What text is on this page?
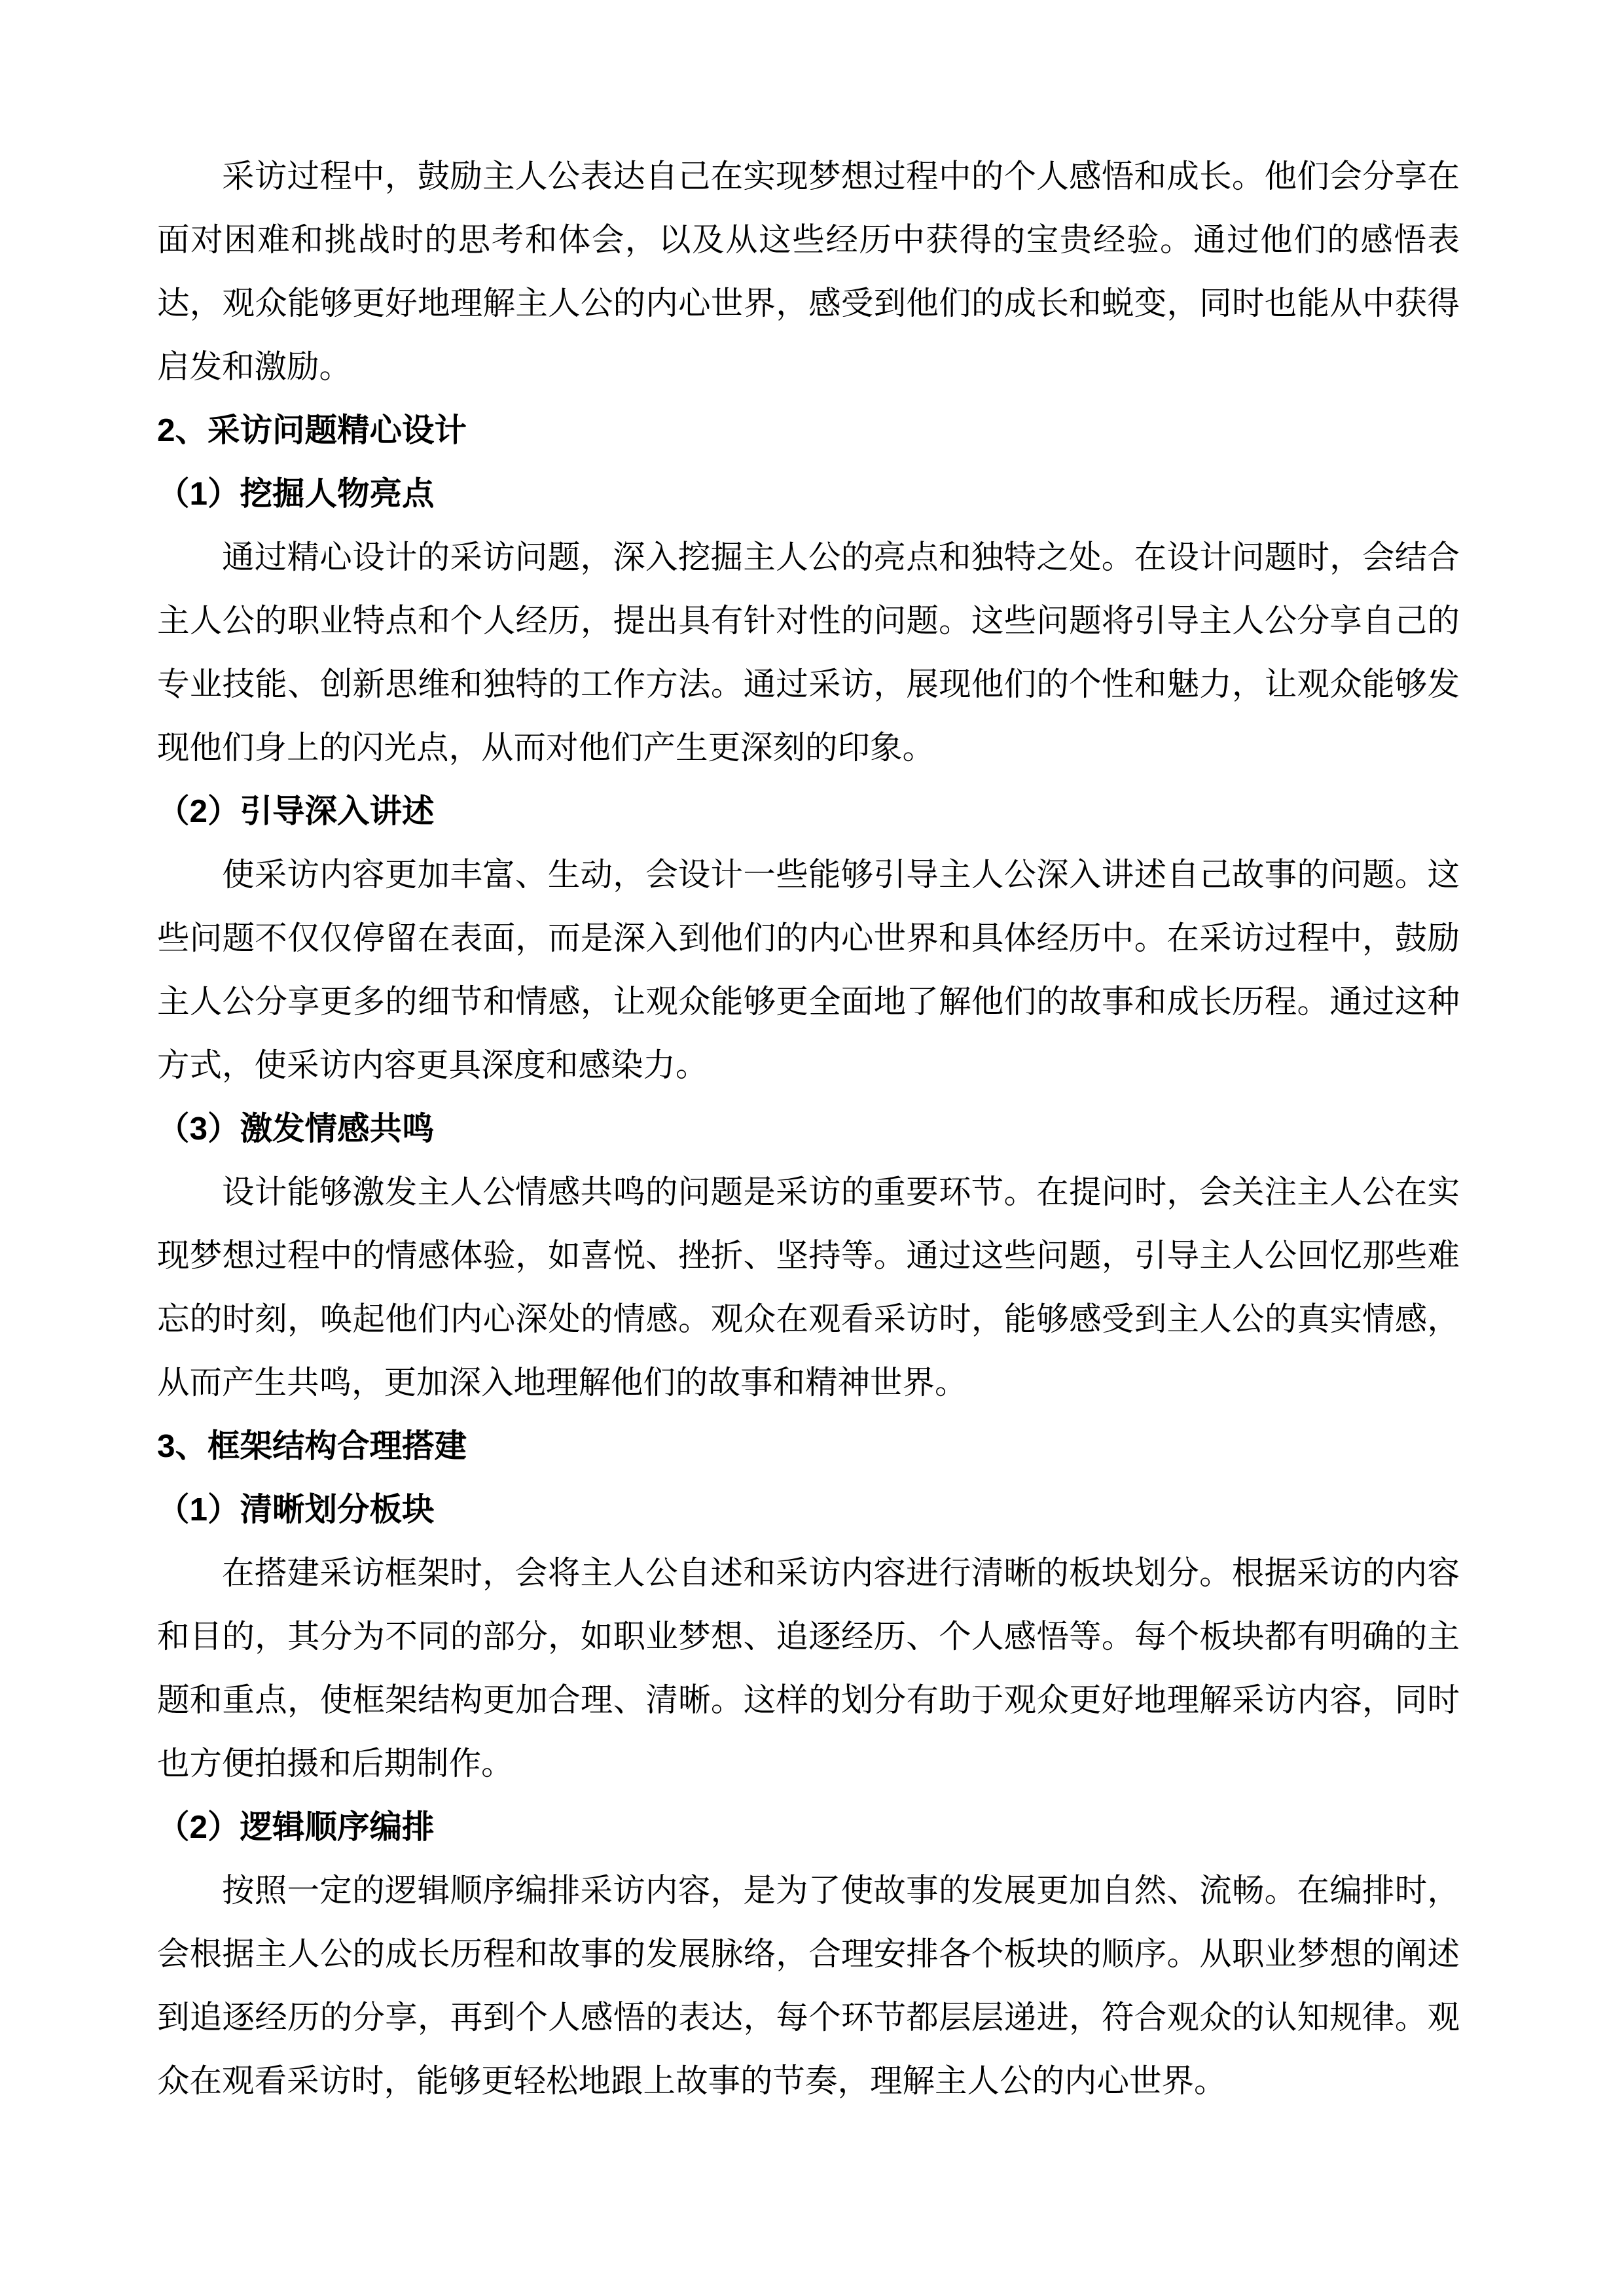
采访过程中，鼓励主人公表达自己在实现梦想过程中的个人感悟和成长。他们会分享在面对困难和挑战时的思考和体会，以及从这些经历中获得的宝贵经验。通过他们的感悟表达，观众能够更好地理解主人公的内心世界，感受到他们的成长和蜕变，同时也能从中获得启发和激励。

2、采访问题精心设计
（1）挖掘人物亮点

通过精心设计的采访问题，深入挖掘主人公的亮点和独特之处。在设计问题时，会结合主人公的职业特点和个人经历，提出具有针对性的问题。这些问题将引导主人公分享自己的专业技能、创新思维和独特的工作方法。通过采访，展现他们的个性和魅力，让观众能够发现他们身上的闪光点，从而对他们产生更深刻的印象。

（2）引导深入讲述

使采访内容更加丰富、生动，会设计一些能够引导主人公深入讲述自己故事的问题。这些问题不仅仅停留在表面，而是深入到他们的内心世界和具体经历中。在采访过程中，鼓励主人公分享更多的细节和情感，让观众能够更全面地了解他们的故事和成长历程。通过这种方式，使采访内容更具深度和感染力。

（3）激发情感共鸣

设计能够激发主人公情感共鸣的问题是采访的重要环节。在提问时，会关注主人公在实现梦想过程中的情感体验，如喜悦、挫折、坚持等。通过这些问题，引导主人公回忆那些难忘的时刻，唤起他们内心深处的情感。观众在观看采访时，能够感受到主人公的真实情感，从而产生共鸣，更加深入地理解他们的故事和精神世界。

3、框架结构合理搭建
（1）清晰划分板块

在搭建采访框架时，会将主人公自述和采访内容进行清晰的板块划分。根据采访的内容和目的，其分为不同的部分，如职业梦想、追逐经历、个人感悟等。每个板块都有明确的主题和重点，使框架结构更加合理、清晰。这样的划分有助于观众更好地理解采访内容，同时也方便拍摄和后期制作。

（2）逻辑顺序编排

按照一定的逻辑顺序编排采访内容，是为了使故事的发展更加自然、流畅。在编排时，会根据主人公的成长历程和故事的发展脉络，合理安排各个板块的顺序。从职业梦想的阐述到追逐经历的分享，再到个人感悟的表达，每个环节都层层递进，符合观众的认知规律。观众在观看采访时，能够更轻松地跟上故事的节奏，理解主人公的内心世界。
